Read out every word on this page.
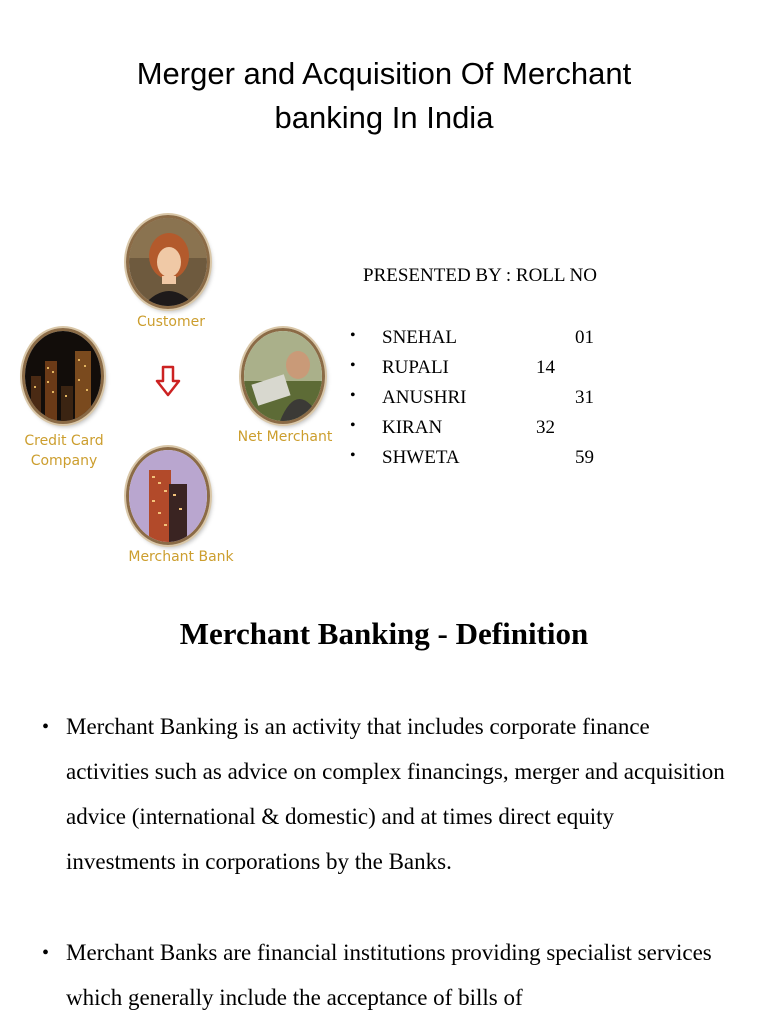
Merger and Acquisition Of Merchant
banking In India
Customer
Credit Card
Company
Net Merchant
Merchant Bank
PRESENTED BY : ROLL NO
• SNEHAL	01
• RUPALI	14
• ANUSHRI	31
• KIRAN	32
• SHWETA	59
Merchant Banking - Definition
• Merchant Banking is an activity that includes corporate finance activities such as advice on complex financings, merger and acquisition advice (international & domestic) and at times direct equity investments in corporations by the Banks.

• Merchant Banks are financial institutions providing specialist services which generally include the acceptance of bills of
